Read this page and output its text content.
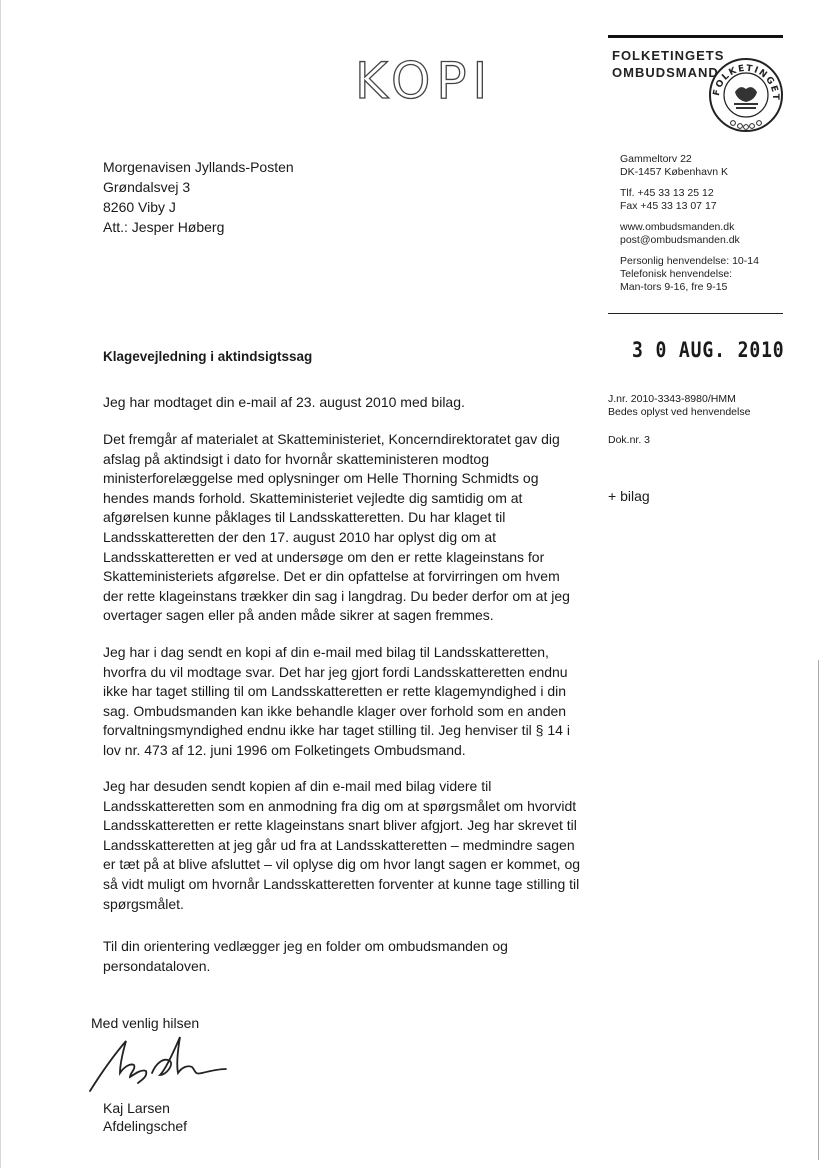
KOPI	FOLKETINGETS
OMBUDSMAND
FOLKETINGET
Morgenavisen Jyllands-Posten
Grøndalsvej 3
8260 Viby J
Att.: Jesper Høberg
Gammeltorv 22
DK-1457 København K
Tlf. +45 33 13 25 12
Fax +45 33 13 07 17
www.ombudsmanden.dk
post@ombudsmanden.dk
Personlig henvendelse: 10-14
Telefonisk henvendelse:
Man-tors 9-16, fre 9-15
3 0 AUG. 2010
J.nr. 2010-3343-8980/HMM
Bedes oplyst ved henvendelse
Dok.nr. 3
+ bilag
Klagevejledning i aktindsigtssag
Jeg har modtaget din e-mail af 23. august 2010 med bilag.
Det fremgår af materialet at Skatteministeriet, Koncerndirektoratet gav dig afslag på aktindsigt i dato for hvornår skatteministeren modtog ministerforelæggelse med oplysninger om Helle Thorning Schmidts og hendes mands forhold. Skatteministeriet vejledte dig samtidig om at afgørelsen kunne påklages til Landsskatteretten. Du har klaget til Landsskatteretten der den 17. august 2010 har oplyst dig om at Landsskatteretten er ved at undersøge om den er rette klageinstans for Skatteministeriets afgørelse. Det er din opfattelse at forvirringen om hvem der rette klageinstans trækker din sag i langdrag. Du beder derfor om at jeg overtager sagen eller på anden måde sikrer at sagen fremmes.
Jeg har i dag sendt en kopi af din e-mail med bilag til Landsskatteretten, hvorfra du vil modtage svar. Det har jeg gjort fordi Landsskatteretten endnu ikke har taget stilling til om Landsskatteretten er rette klagemyndighed i din sag. Ombudsmanden kan ikke behandle klager over forhold som en anden forvaltningsmyndighed endnu ikke har taget stilling til. Jeg henviser til § 14 i lov nr. 473 af 12. juni 1996 om Folketingets Ombudsmand.
Jeg har desuden sendt kopien af din e-mail med bilag videre til Landsskatteretten som en anmodning fra dig om at spørgsmålet om hvorvidt Landsskatteretten er rette klageinstans snart bliver afgjort. Jeg har skrevet til Landsskatteretten at jeg går ud fra at Landsskatteretten – medmindre sagen er tæt på at blive afsluttet – vil oplyse dig om hvor langt sagen er kommet, og så vidt muligt om hvornår Landsskatteretten forventer at kunne tage stilling til spørgsmålet.
Til din orientering vedlægger jeg en folder om ombudsmanden og persondataloven.
Med venlig hilsen
Kaj Larsen
Afdelingschef
